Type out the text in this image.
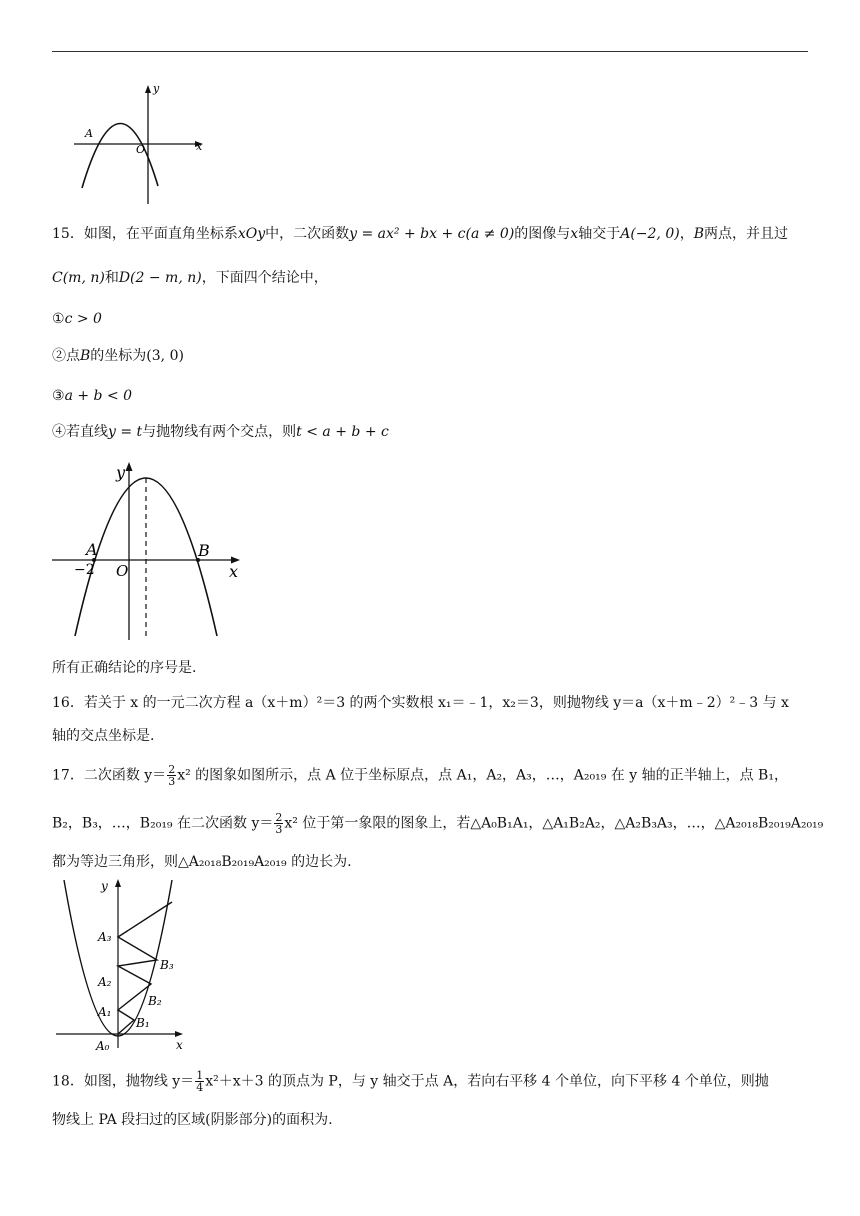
y
x
O
A
15．如图，在平面直角坐标系xOy中，二次函数y = ax² + bx + c(a ≠ 0)的图像与x轴交于A(−2, 0)，B两点，并且过
C(m, n)和D(2 − m, n)，下面四个结论中，
①c > 0
②点B的坐标为(3, 0)
③a + b < 0
④若直线y = t与抛物线有两个交点，则t < a + b + c
y
x
O
A	B
−2
所有正确结论的序号是.
16．若关于 x 的一元二次方程 a（x＋m）²＝3 的两个实数根 x₁＝﹣1，x₂＝3，则抛物线 y＝a（x＋m﹣2）²﹣3 与 x
轴的交点坐标是.
17．二次函数 $y= \frac{2}{3} x^2$ 的图象如图所示，点 A 位于坐标原点，点 A₁，A₂，A₃，…，A₂₀₁₉ 在 y 轴的正半轴上，点 B₁，
B₂，B₃，…，B₂₀₁₉ 在二次函数 $y= \frac{2}{3} x^2$ 位于第一象限的图象上，若△A₀B₁A₁，△A₁B₂A₂，△A₂B₃A₃，…，△A₂₀₁₈B₂₀₁₉A₂₀₁₉
都为等边三角形，则△A₂₀₁₈B₂₀₁₉A₂₀₁₉ 的边长为.
y
x
A₀
A₁
A₂
A₃
B₁
B₂
B₃
18．如图，抛物线 $y= \frac{1}{4} x^2+x+3$ 的顶点为 P，与 y 轴交于点 A，若向右平移 4 个单位，向下平移 4 个单位，则抛
物线上 PA 段扫过的区域(阴影部分)的面积为.
